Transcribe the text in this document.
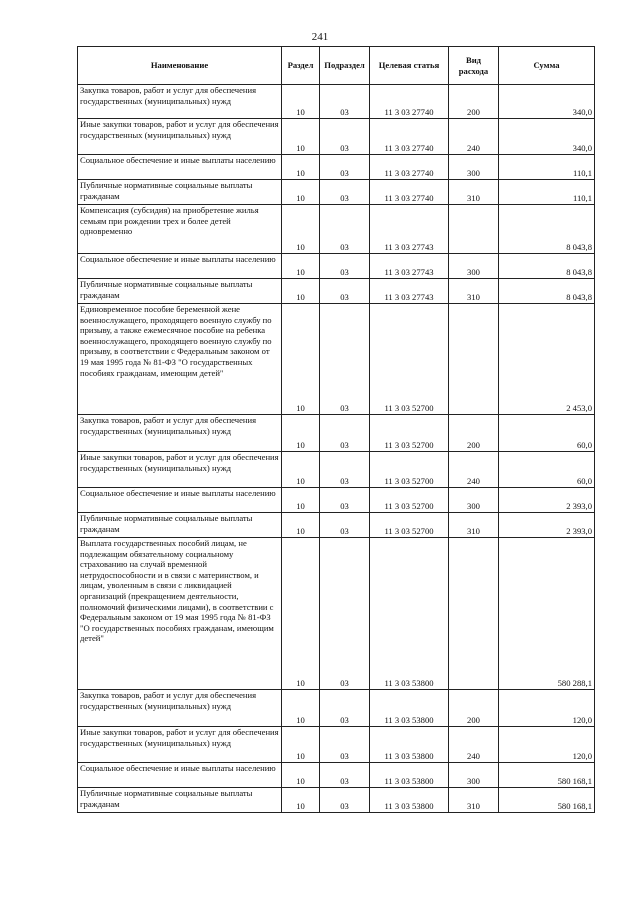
241
Наименование	Раздел	Подраздел	Целевая статья	Вид расхода	Сумма
Закупка товаров, работ и услуг для обеспечения государственных (муниципальных) нужд	10	03	11 3 03 27740	200	340,0
Иные закупки товаров, работ и услуг для обеспечения государственных (муниципальных) нужд	10	03	11 3 03 27740	240	340,0
Социальное обеспечение и иные выплаты населению	10	03	11 3 03 27740	300	110,1
Публичные нормативные социальные выплаты гражданам	10	03	11 3 03 27740	310	110,1
Компенсация (субсидия) на приобретение жилья семьям при рождении трех и более детей одновременно	10	03	11 3 03 27743		8 043,8
Социальное обеспечение и иные выплаты населению	10	03	11 3 03 27743	300	8 043,8
Публичные нормативные социальные выплаты гражданам	10	03	11 3 03 27743	310	8 043,8
Единовременное пособие беременной жене военнослужащего, проходящего военную службу по призыву, а также ежемесячное пособие на ребенка военнослужащего, проходящего военную службу по призыву, в соответствии с Федеральным законом от 19 мая 1995 года № 81-ФЗ "О государственных пособиях гражданам, имеющим детей"	10	03	11 3 03 52700		2 453,0
Закупка товаров, работ и услуг для обеспечения государственных (муниципальных) нужд	10	03	11 3 03 52700	200	60,0
Иные закупки товаров, работ и услуг для обеспечения государственных (муниципальных) нужд	10	03	11 3 03 52700	240	60,0
Социальное обеспечение и иные выплаты населению	10	03	11 3 03 52700	300	2 393,0
Публичные нормативные социальные выплаты гражданам	10	03	11 3 03 52700	310	2 393,0
Выплата государственных пособий лицам, не подлежащим обязательному социальному страхованию на случай временной нетрудоспособности и в связи с материнством, и лицам, уволенным в связи с ликвидацией организаций (прекращением деятельности, полномочий физическими лицами), в соответствии с Федеральным законом от 19 мая 1995 года № 81-ФЗ "О государственных пособиях гражданам, имеющим детей"	10	03	11 3 03 53800		580 288,1
Закупка товаров, работ и услуг для обеспечения государственных (муниципальных) нужд	10	03	11 3 03 53800	200	120,0
Иные закупки товаров, работ и услуг для обеспечения государственных (муниципальных) нужд	10	03	11 3 03 53800	240	120,0
Социальное обеспечение и иные выплаты населению	10	03	11 3 03 53800	300	580 168,1
Публичные нормативные социальные выплаты гражданам	10	03	11 3 03 53800	310	580 168,1
